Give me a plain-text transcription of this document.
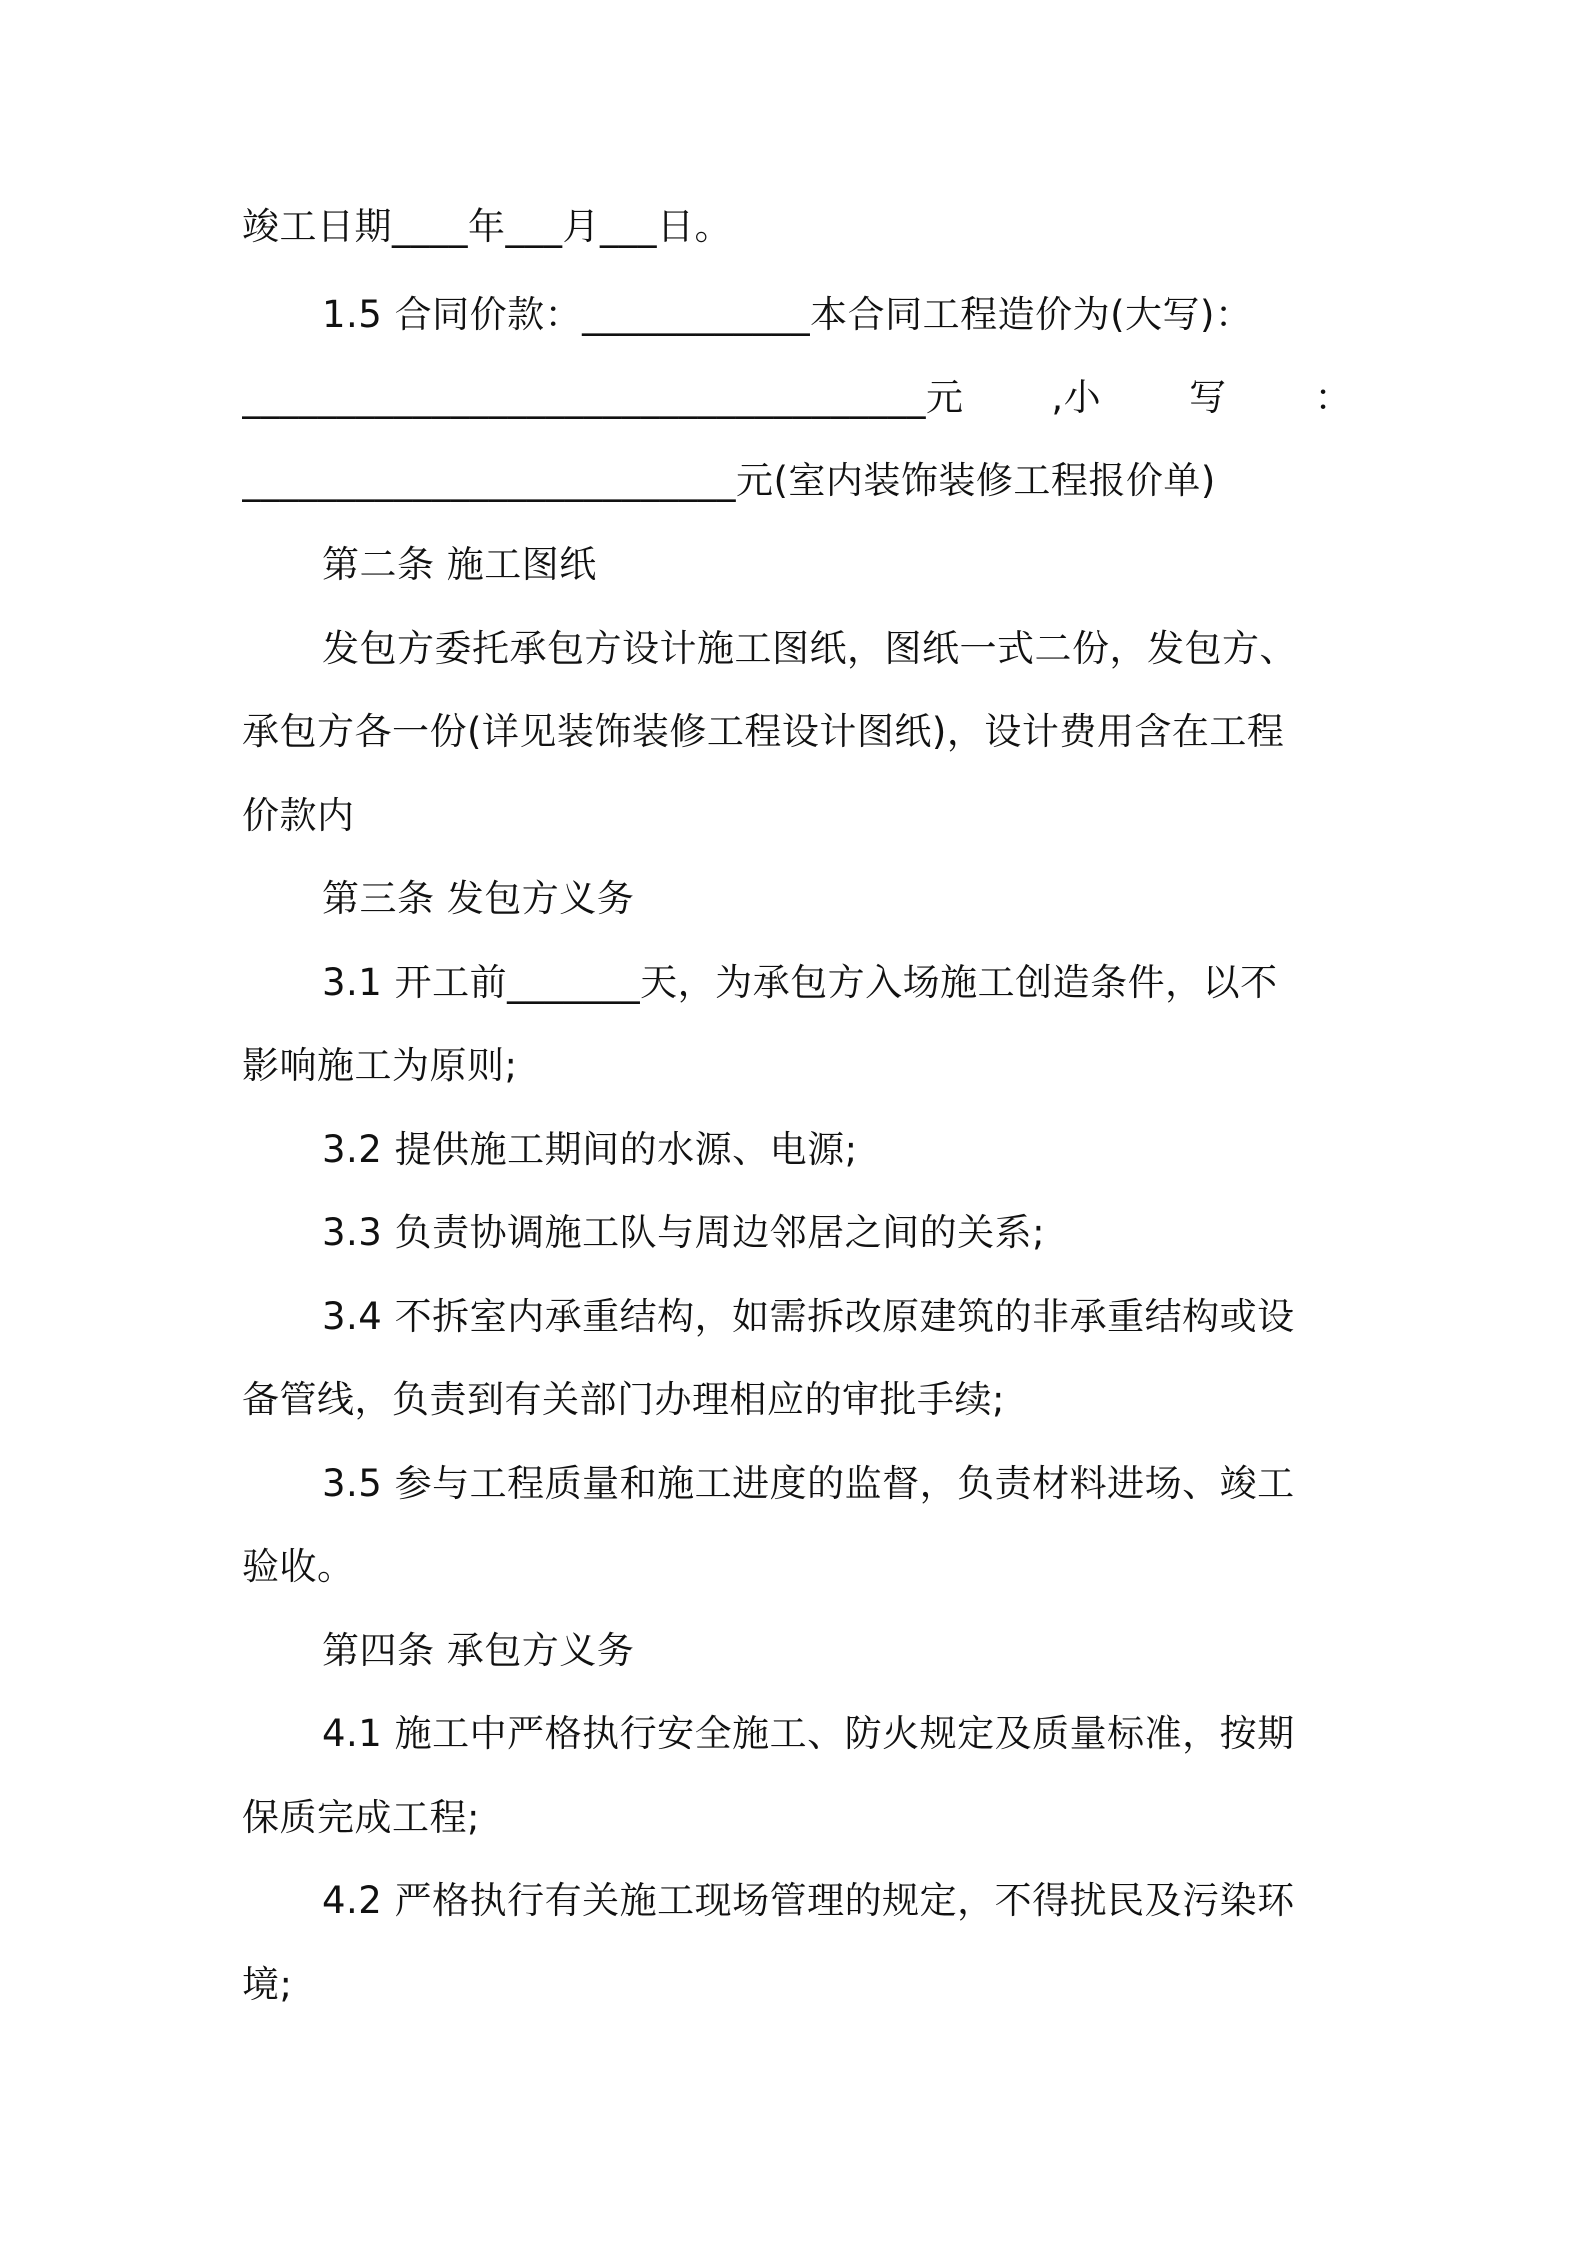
竣工日期____年___月___日。
1.5 合同价款：____________本合同工程造价为(大写)：
____________________________________元 ,小 写 ：
__________________________元(室内装饰装修工程报价单)
第二条 施工图纸
发包方委托承包方设计施工图纸，图纸一式二份，发包方、
承包方各一份(详见装饰装修工程设计图纸)，设计费用含在工程
价款内
第三条 发包方义务
3.1 开工前_______天，为承包方入场施工创造条件，以不
影响施工为原则;
3.2 提供施工期间的水源、电源;
3.3 负责协调施工队与周边邻居之间的关系;
3.4 不拆室内承重结构，如需拆改原建筑的非承重结构或设
备管线，负责到有关部门办理相应的审批手续;
3.5 参与工程质量和施工进度的监督，负责材料进场、竣工
验收。
第四条 承包方义务
4.1 施工中严格执行安全施工、防火规定及质量标准，按期
保质完成工程;
4.2 严格执行有关施工现场管理的规定，不得扰民及污染环
境;
